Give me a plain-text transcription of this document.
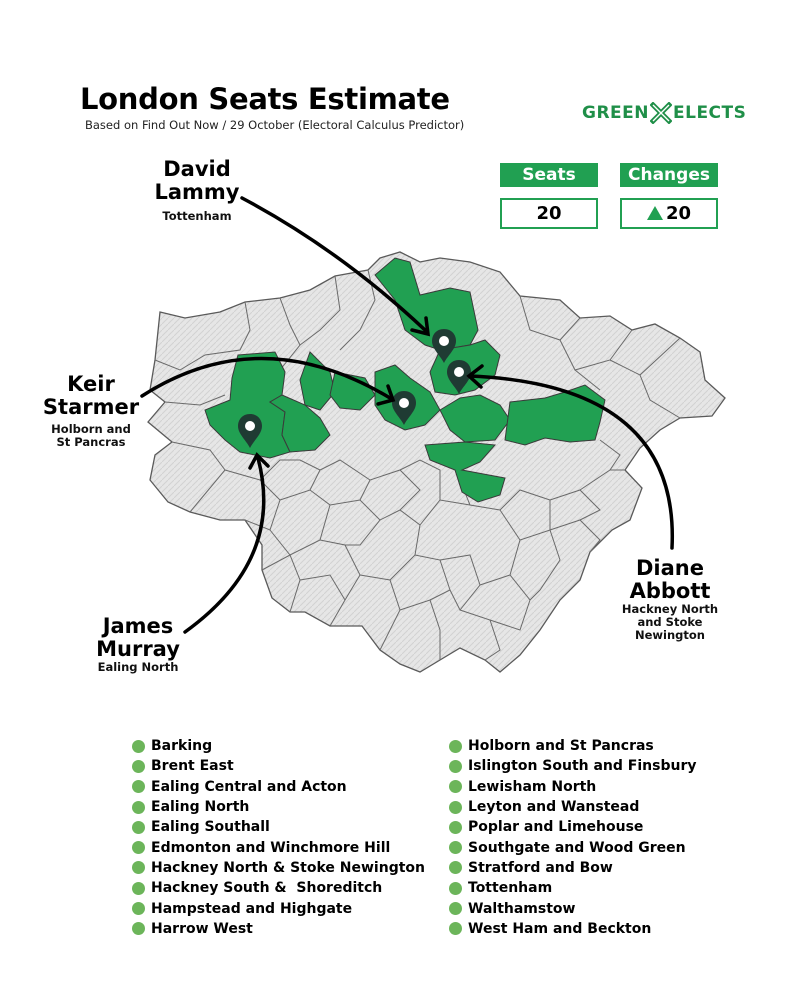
London Seats Estimate
Based on Find Out Now / 29 October (Electoral Calculus Predictor)
GREEN ELECTS
Seats	Changes
20	20
David
Lammy
Tottenham
Keir
Starmer
Holborn and
St Pancras
James
Murray
Ealing North
Diane
Abbott
Hackney North
and Stoke
Newington
Barking
Brent East
Ealing Central and Acton
Ealing North
Ealing Southall
Edmonton and Winchmore Hill
Hackney North & Stoke Newington
Hackney South &  Shoreditch
Hampstead and Highgate
Harrow West
Holborn and St Pancras
Islington South and Finsbury
Lewisham North
Leyton and Wanstead
Poplar and Limehouse
Southgate and Wood Green
Stratford and Bow
Tottenham
Walthamstow
West Ham and Beckton
